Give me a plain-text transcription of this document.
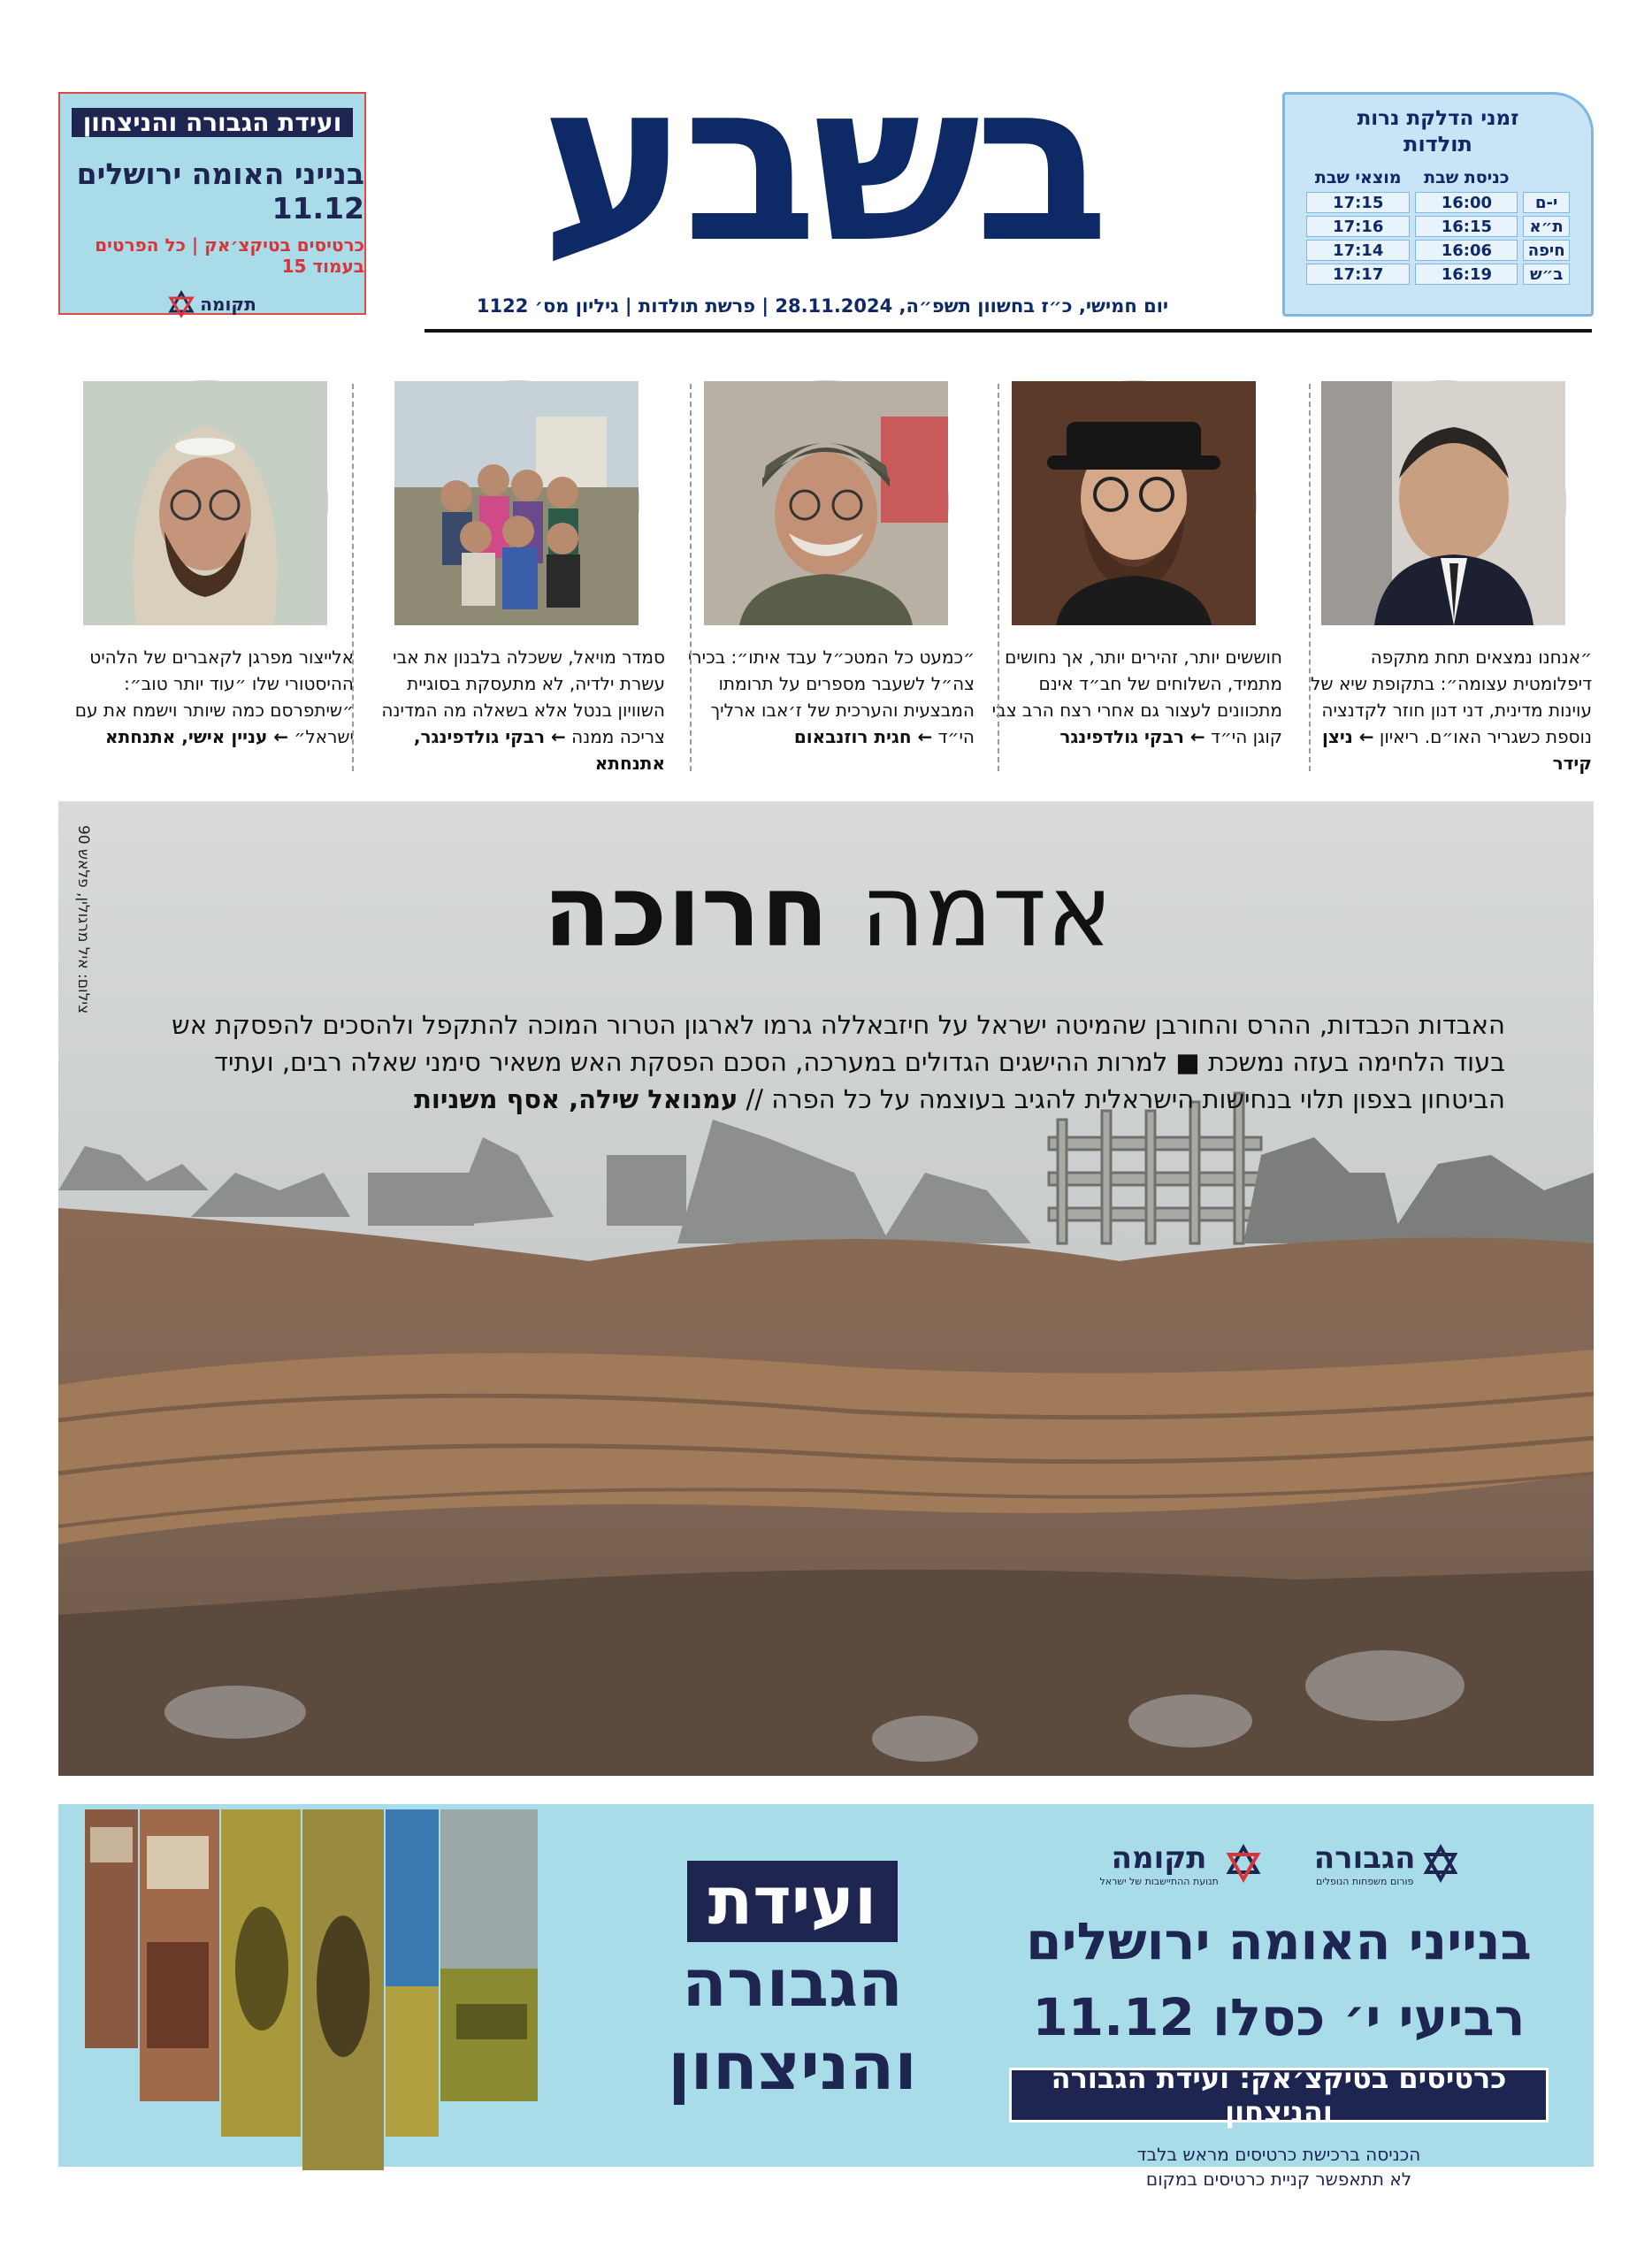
ועידת הגבורה והניצחון
בנייני האומה ירושלים 11.12
כרטיסים בטיקצ׳אק | כל הפרטים בעמוד 15
תקומה
בשבע
יום חמישי, כ״ז בחשוון תשפ״ה, 28.11.2024 | פרשת תולדות | גיליון מס׳ 1122
זמני הדלקת נרות
תולדות
	כניסת שבת	מוצאי שבת
י-ם	16:00	17:15
ת״א	16:15	17:16
חיפה	16:06	17:14
ב״ש	16:19	17:17
״אנחנו נמצאים תחת מתקפה דיפלומטית עצומה״: בתקופת שיא של עוינות מדינית, דני דנון חוזר לקדנציה נוספת כשגריר האו״ם. ריאיון ← ניצן קידר
חוששים יותר, זהירים יותר, אך נחושים מתמיד, השלוחים של חב״ד אינם מתכוונים לעצור גם אחרי רצח הרב צבי קוגן הי״ד ← רבקי גולדפינגר
״כמעט כל המטכ״ל עבד איתו״: בכירי צה״ל לשעבר מספרים על תרומתו המבצעית והערכית של ז׳אבו ארליך הי״ד ← חגית רוזנבאום
סמדר מויאל, ששכלה בלבנון את אבי עשרת ילדיה, לא מתעסקת בסוגיית השוויון בנטל אלא בשאלה מה המדינה צריכה ממנה ← רבקי גולדפינגר, אתנחתא
אלייצור מפרגן לקאברים של הלהיט ההיסטורי שלו ״עוד יותר טוב״: ״שיתפרסם כמה שיותר וישמח את עם ישראל״ ← עניין אישי, אתנחתא
צילום: איל מרגולין, פלאש 90	אדמה חרוכה
האבדות הכבדות, ההרס והחורבן שהמיטה ישראל על חיזבאללה גרמו לארגון הטרור המוכה להתקפל ולהסכים להפסקת אש בעוד הלחימה בעזה נמשכת ■ למרות ההישגים הגדולים במערכה, הסכם הפסקת האש משאיר סימני שאלה רבים, ועתיד הביטחון בצפון תלוי בנחישות הישראלית להגיב בעוצמה על כל הפרה // עמנואל שילה, אסף משניות
ועידת
הגבורה
והניצחון
הגבורה
פורום משפחות הנופלים
תקומה
תנועת ההתיישבות של ישראל
בנייני האומה ירושלים
רביעי י׳ כסלו 11.12
כרטיסים בטיקצ׳אק: ועידת הגבורה והניצחון
הכניסה ברכישת כרטיסים מראש בלבד
לא תתאפשר קניית כרטיסים במקום
